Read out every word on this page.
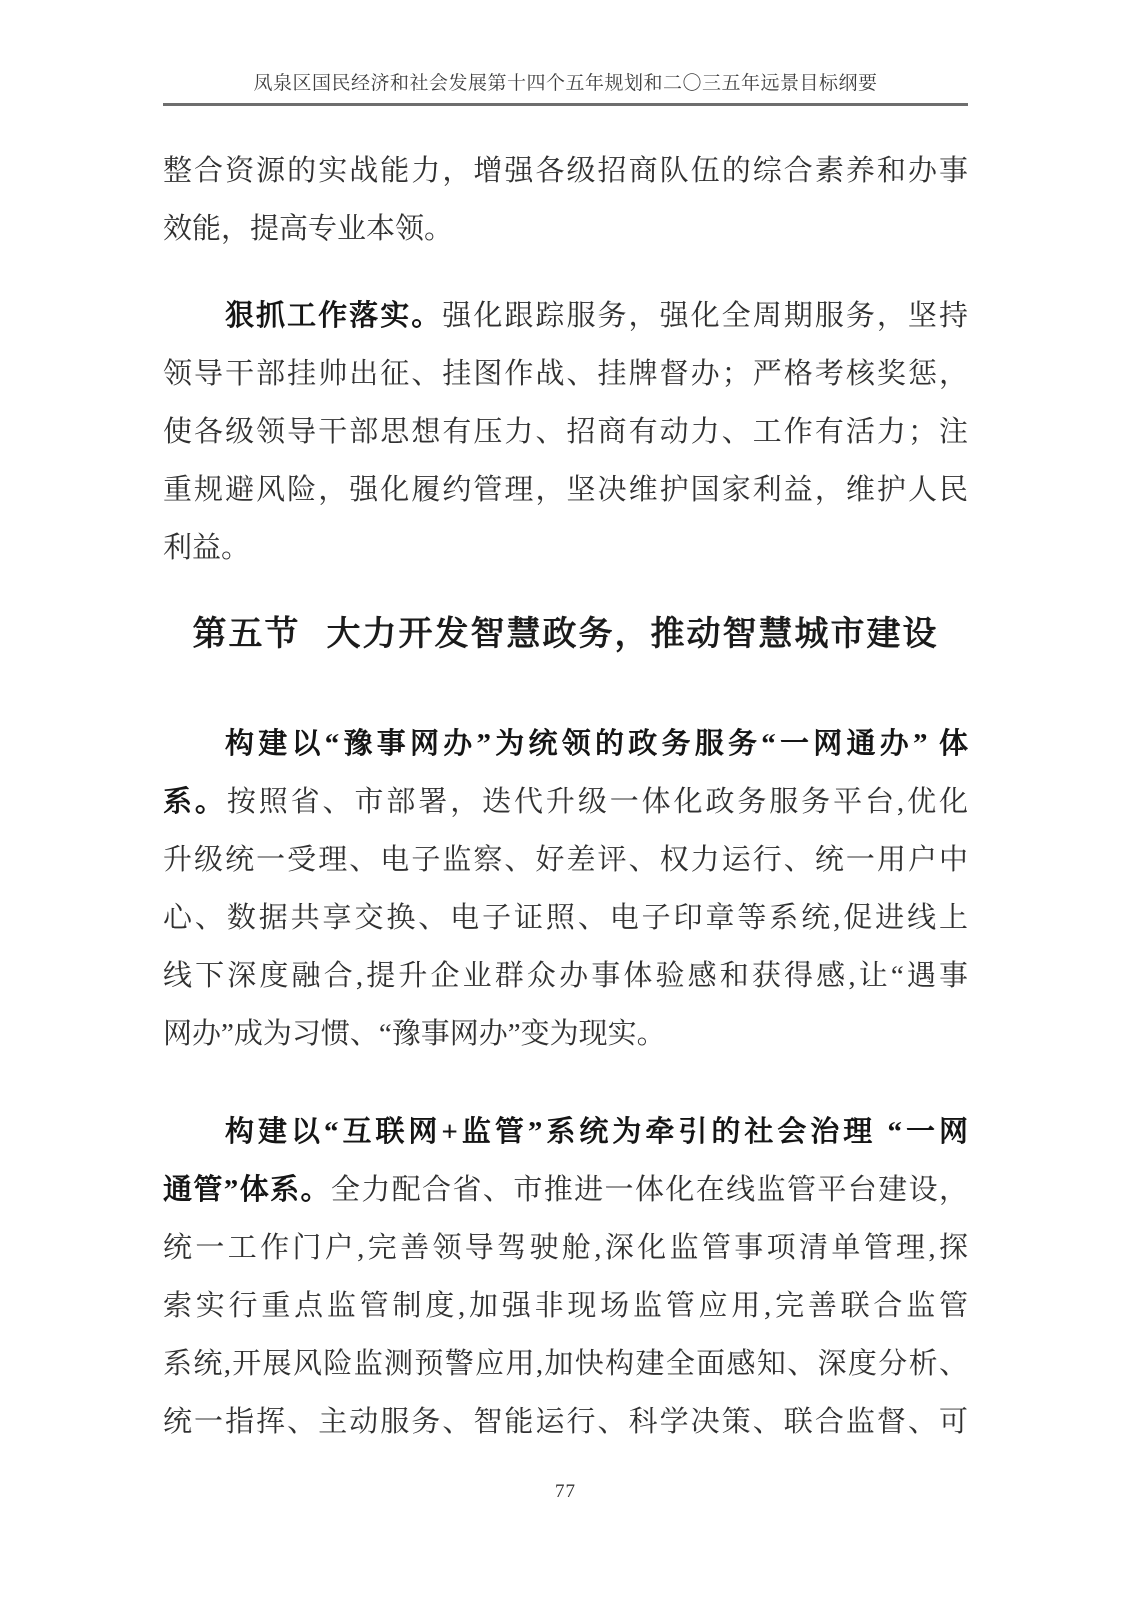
凤泉区国民经济和社会发展第十四个五年规划和二〇三五年远景目标纲要
整合资源的实战能力，增强各级招商队伍的综合素养和办事
效能，提高专业本领。
狠抓工作落实。强化跟踪服务，强化全周期服务，坚持
领导干部挂帅出征、挂图作战、挂牌督办；严格考核奖惩，
使各级领导干部思想有压力、招商有动力、工作有活力；注
重规避风险，强化履约管理，坚决维护国家利益，维护人民
利益。
第五节 大力开发智慧政务，推动智慧城市建设
构建以“豫事网办”为统领的政务服务“一网通办” 体
系。按照省、市部署，迭代升级一体化政务服务平台,优化
升级统一受理、电子监察、好差评、权力运行、统一用户中
心、数据共享交换、电子证照、电子印章等系统,促进线上
线下深度融合,提升企业群众办事体验感和获得感,让“遇事
网办”成为习惯、“豫事网办”变为现实。
构建以“互联网+监管”系统为牵引的社会治理 “一网
通管”体系。全力配合省、市推进一体化在线监管平台建设，
统一工作门户,完善领导驾驶舱,深化监管事项清单管理,探
索实行重点监管制度,加强非现场监管应用,完善联合监管
系统,开展风险监测预警应用,加快构建全面感知、深度分析、
统一指挥、主动服务、智能运行、科学决策、联合监督、可
77
